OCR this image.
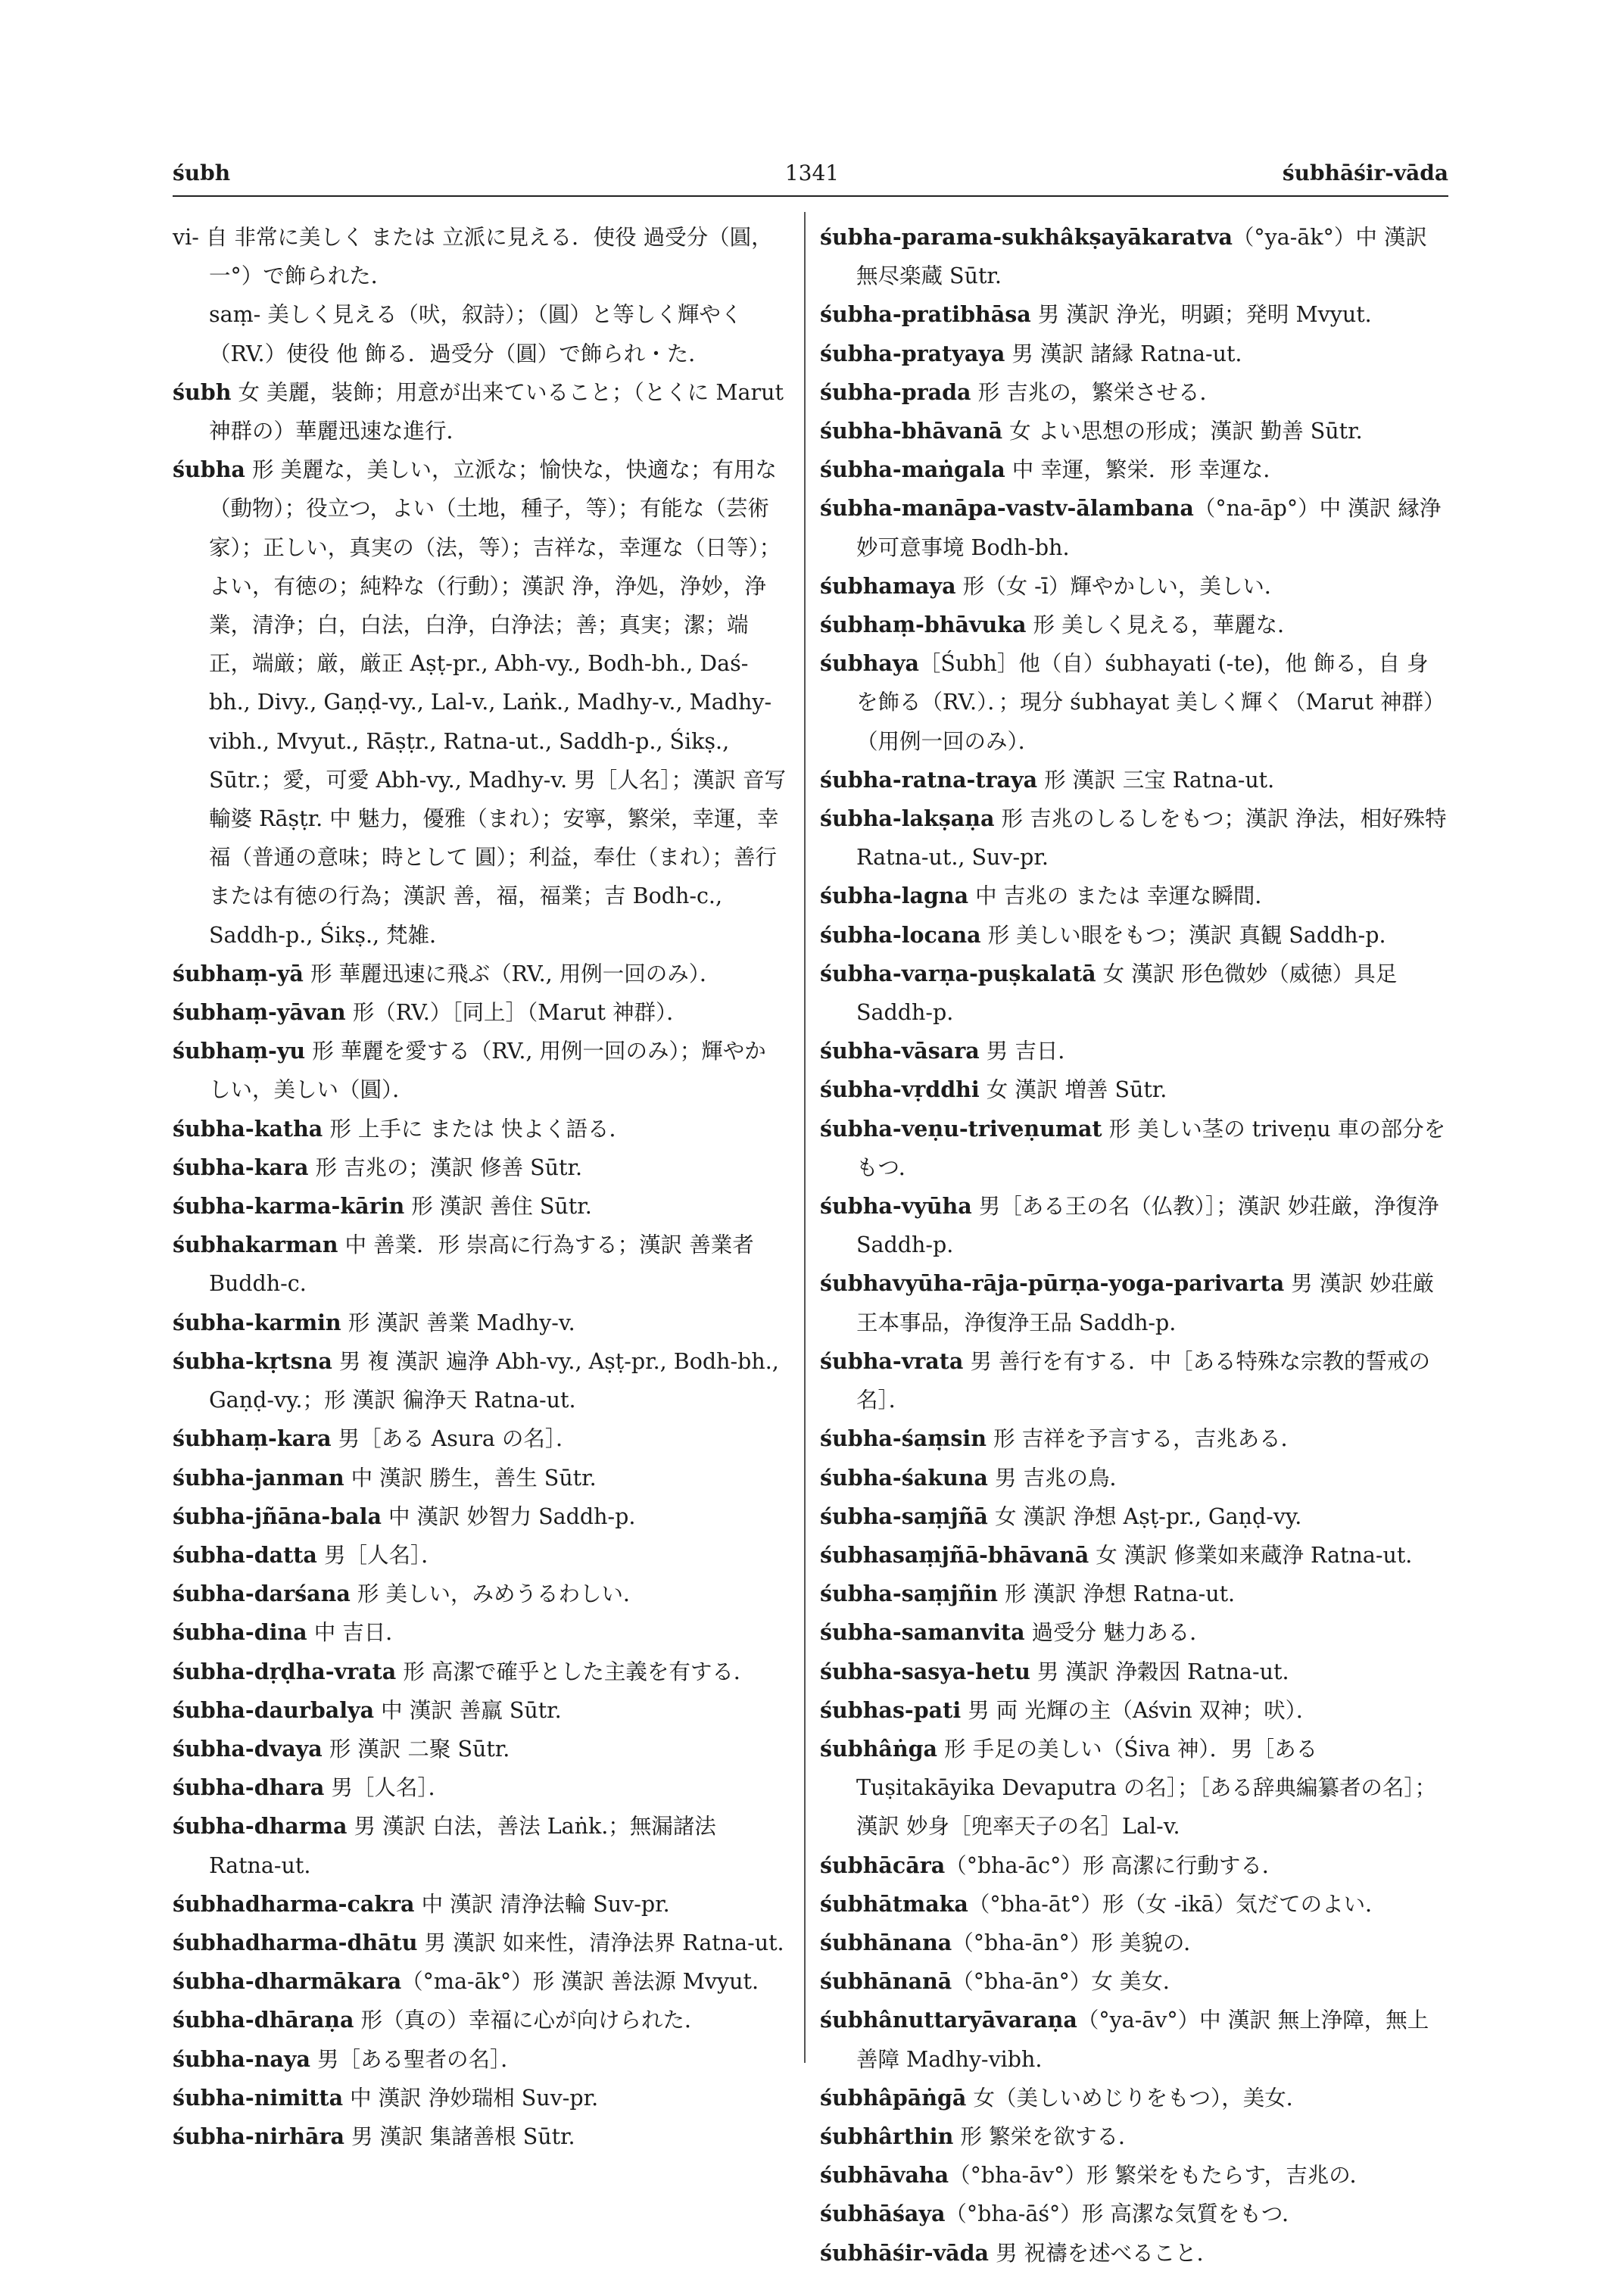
śubh	1341	śubhāśir-vāda

vi- 自 非常に美しく または 立派に見える．使役 過受分（圓，一°）で飾られた．

saṃ- 美しく見える（吠，叙詩）；（圓）と等しく輝やく（RV.）使役 他 飾る．過受分（圓）で飾られ・た．

śubh 女 美麗，装飾；用意が出来ていること；（とくに Marut 神群の）華麗迅速な進行．

śubha 形 美麗な，美しい，立派な；愉快な，快適な；有用な（動物）；役立つ，よい（土地，種子，等）；有能な（芸術家）；正しい，真実の（法，等）；吉祥な，幸運な（日等）；よい，有徳の；純粋な（行動）；漢訳 浄，浄処，浄妙，浄業，清浄；白，白法，白浄，白浄法；善；真実；潔；端正，端厳；厳，厳正 Aṣṭ-pr., Abh-vy., Bodh-bh., Daś-bh., Divy., Gaṇḍ-vy., Lal-v., Laṅk., Madhy-v., Madhy-vibh., Mvyut., Rāṣṭr., Ratna-ut., Saddh-p., Śikṣ., Sūtr.；愛，可愛 Abh-vy., Madhy-v. 男［人名］；漢訳 音写 輸婆 Rāṣṭr. 中 魅力，優雅（まれ）；安寧，繁栄，幸運，幸福（普通の意味；時として 圓）；利益，奉仕（まれ）；善行または有徳の行為；漢訳 善，福，福業；吉 Bodh-c., Saddh-p., Śikṣ., 梵雑．

śubhaṃ-yā 形 華麗迅速に飛ぶ（RV., 用例一回のみ）．

śubhaṃ-yāvan 形（RV.）［同上］（Marut 神群）．

śubhaṃ-yu 形 華麗を愛する（RV., 用例一回のみ）；輝やかしい，美しい（圓）．

śubha-katha 形 上手に または 快よく語る．

śubha-kara 形 吉兆の；漢訳 修善 Sūtr.

śubha-karma-kārin 形 漢訳 善住 Sūtr.

śubhakarman 中 善業．形 崇高に行為する；漢訳 善業者 Buddh-c.

śubha-karmin 形 漢訳 善業 Madhy-v.

śubha-kṛtsna 男 複 漢訳 遍浄 Abh-vy., Aṣṭ-pr., Bodh-bh., Gaṇḍ-vy.；形 漢訳 徧浄天 Ratna-ut.

śubhaṃ-kara 男［ある Asura の名］．

śubha-janman 中 漢訳 勝生，善生 Sūtr.

śubha-jñāna-bala 中 漢訳 妙智力 Saddh-p.

śubha-datta 男［人名］．

śubha-darśana 形 美しい，みめうるわしい．

śubha-dina 中 吉日．

śubha-dṛḍha-vrata 形 高潔で確乎とした主義を有する．

śubha-daurbalya 中 漢訳 善羸 Sūtr.

śubha-dvaya 形 漢訳 二聚 Sūtr.

śubha-dhara 男［人名］．

śubha-dharma 男 漢訳 白法，善法 Laṅk.；無漏諸法 Ratna-ut.

śubhadharma-cakra 中 漢訳 清浄法輪 Suv-pr.

śubhadharma-dhātu 男 漢訳 如来性，清浄法界 Ratna-ut.

śubha-dharmākara（°ma-āk°）形 漢訳 善法源 Mvyut.

śubha-dhāraṇa 形（真の）幸福に心が向けられた．

śubha-naya 男［ある聖者の名］．

śubha-nimitta 中 漢訳 浄妙瑞相 Suv-pr.

śubha-nirhāra 男 漢訳 集諸善根 Sūtr.

śubha-parama-sukhâkṣayākaratva（°ya-āk°）中 漢訳 無尽楽蔵 Sūtr.

śubha-pratibhāsa 男 漢訳 浄光，明顕；発明 Mvyut.

śubha-pratyaya 男 漢訳 諸縁 Ratna-ut.

śubha-prada 形 吉兆の，繁栄させる．

śubha-bhāvanā 女 よい思想の形成；漢訳 勤善 Sūtr.

śubha-maṅgala 中 幸運，繁栄．形 幸運な．

śubha-manāpa-vastv-ālambana（°na-āp°）中 漢訳 縁浄妙可意事境 Bodh-bh.

śubhamaya 形（女 -ī）輝やかしい，美しい．

śubhaṃ-bhāvuka 形 美しく見える，華麗な．

śubhaya［Śubh］他（自）śubhayati (-te)，他 飾る，自 身を飾る（RV.）．；現分 śubhayat 美しく輝く（Marut 神群）（用例一回のみ）．

śubha-ratna-traya 形 漢訳 三宝 Ratna-ut.

śubha-lakṣaṇa 形 吉兆のしるしをもつ；漢訳 浄法，相好殊特 Ratna-ut., Suv-pr.

śubha-lagna 中 吉兆の または 幸運な瞬間．

śubha-locana 形 美しい眼をもつ；漢訳 真観 Saddh-p.

śubha-varṇa-puṣkalatā 女 漢訳 形色微妙（威徳）具足 Saddh-p.

śubha-vāsara 男 吉日．

śubha-vṛddhi 女 漢訳 増善 Sūtr.

śubha-veṇu-triveṇumat 形 美しい茎の triveṇu 車の部分をもつ．

śubha-vyūha 男［ある王の名（仏教）］；漢訳 妙荘厳，浄復浄 Saddh-p.

śubhavyūha-rāja-pūrṇa-yoga-parivarta 男 漢訳 妙荘厳王本事品，浄復浄王品 Saddh-p.

śubha-vrata 男 善行を有する．中［ある特殊な宗教的誓戒の名］．

śubha-śaṃsin 形 吉祥を予言する，吉兆ある．

śubha-śakuna 男 吉兆の鳥．

śubha-saṃjñā 女 漢訳 浄想 Aṣṭ-pr., Gaṇḍ-vy.

śubhasaṃjñā-bhāvanā 女 漢訳 修業如来蔵浄 Ratna-ut.

śubha-saṃjñin 形 漢訳 浄想 Ratna-ut.

śubha-samanvita 過受分 魅力ある．

śubha-sasya-hetu 男 漢訳 浄穀因 Ratna-ut.

śubhas-pati 男 両 光輝の主（Aśvin 双神；吠）．

śubhâṅga 形 手足の美しい（Śiva 神）．男［ある Tuṣitakāyika Devaputra の名］；［ある辞典編纂者の名］；漢訳 妙身［兜率天子の名］Lal-v.

śubhācāra（°bha-āc°）形 高潔に行動する．

śubhātmaka（°bha-āt°）形（女 -ikā）気だてのよい．

śubhānana（°bha-ān°）形 美貌の．

śubhānanā（°bha-ān°）女 美女．

śubhânuttaryāvaraṇa（°ya-āv°）中 漢訳 無上浄障，無上善障 Madhy-vibh.

śubhâpāṅgā 女（美しいめじりをもつ），美女．

śubhârthin 形 繁栄を欲する．

śubhāvaha（°bha-āv°）形 繁栄をもたらす，吉兆の．

śubhāśaya（°bha-āś°）形 高潔な気質をもつ．

śubhāśir-vāda 男 祝禱を述べること．
